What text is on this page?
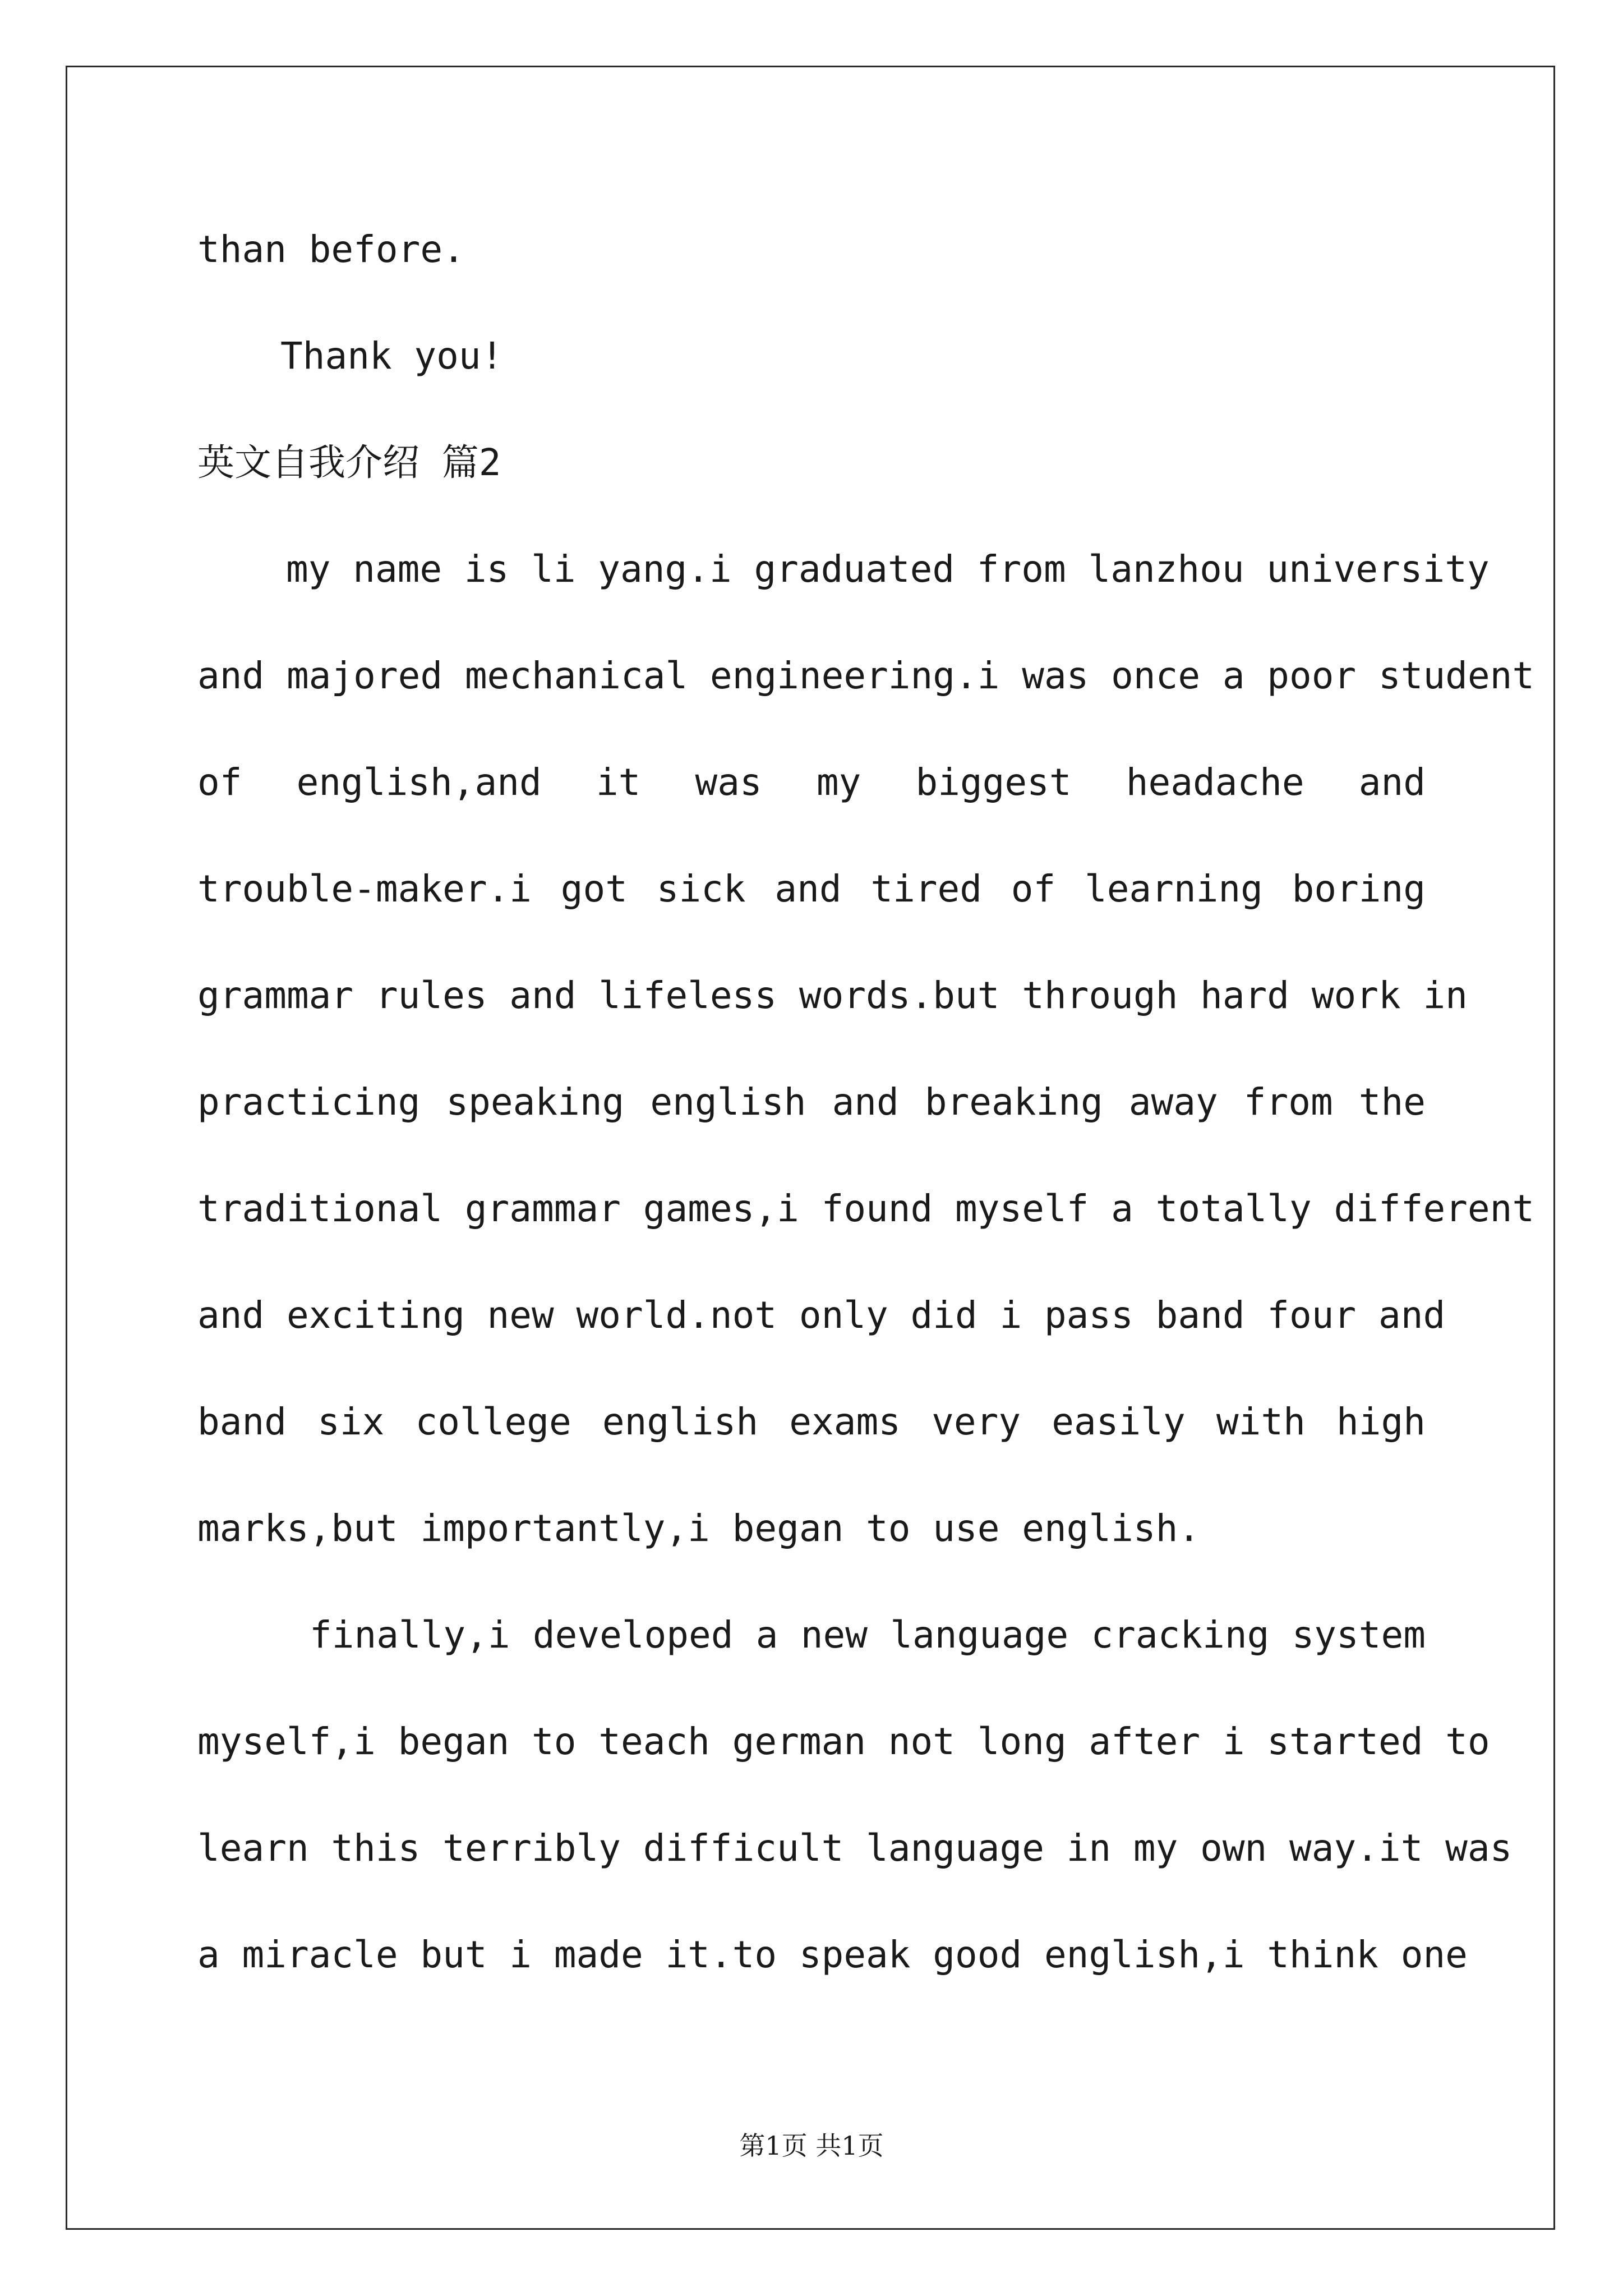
than before.
Thank you!
英文自我介绍 篇2
my name is li yang.i graduated from lanzhou university
and majored mechanical engineering.i was once a poor student
of english,and it was my biggest headache and
trouble-maker.i got sick and tired of learning boring
grammar rules and lifeless words.but through hard work in
practicing speaking english and breaking away from the
traditional grammar games,i found myself a totally different
and exciting new world.not only did i pass band four and
band six college english exams very easily with high
marks,but importantly,i began to use english.
finally,i developed a new language cracking system
myself,i began to teach german not long after i started to
learn this terribly difficult language in my own way.it was
a miracle but i made it.to speak good english,i think one
第1页 共1页
